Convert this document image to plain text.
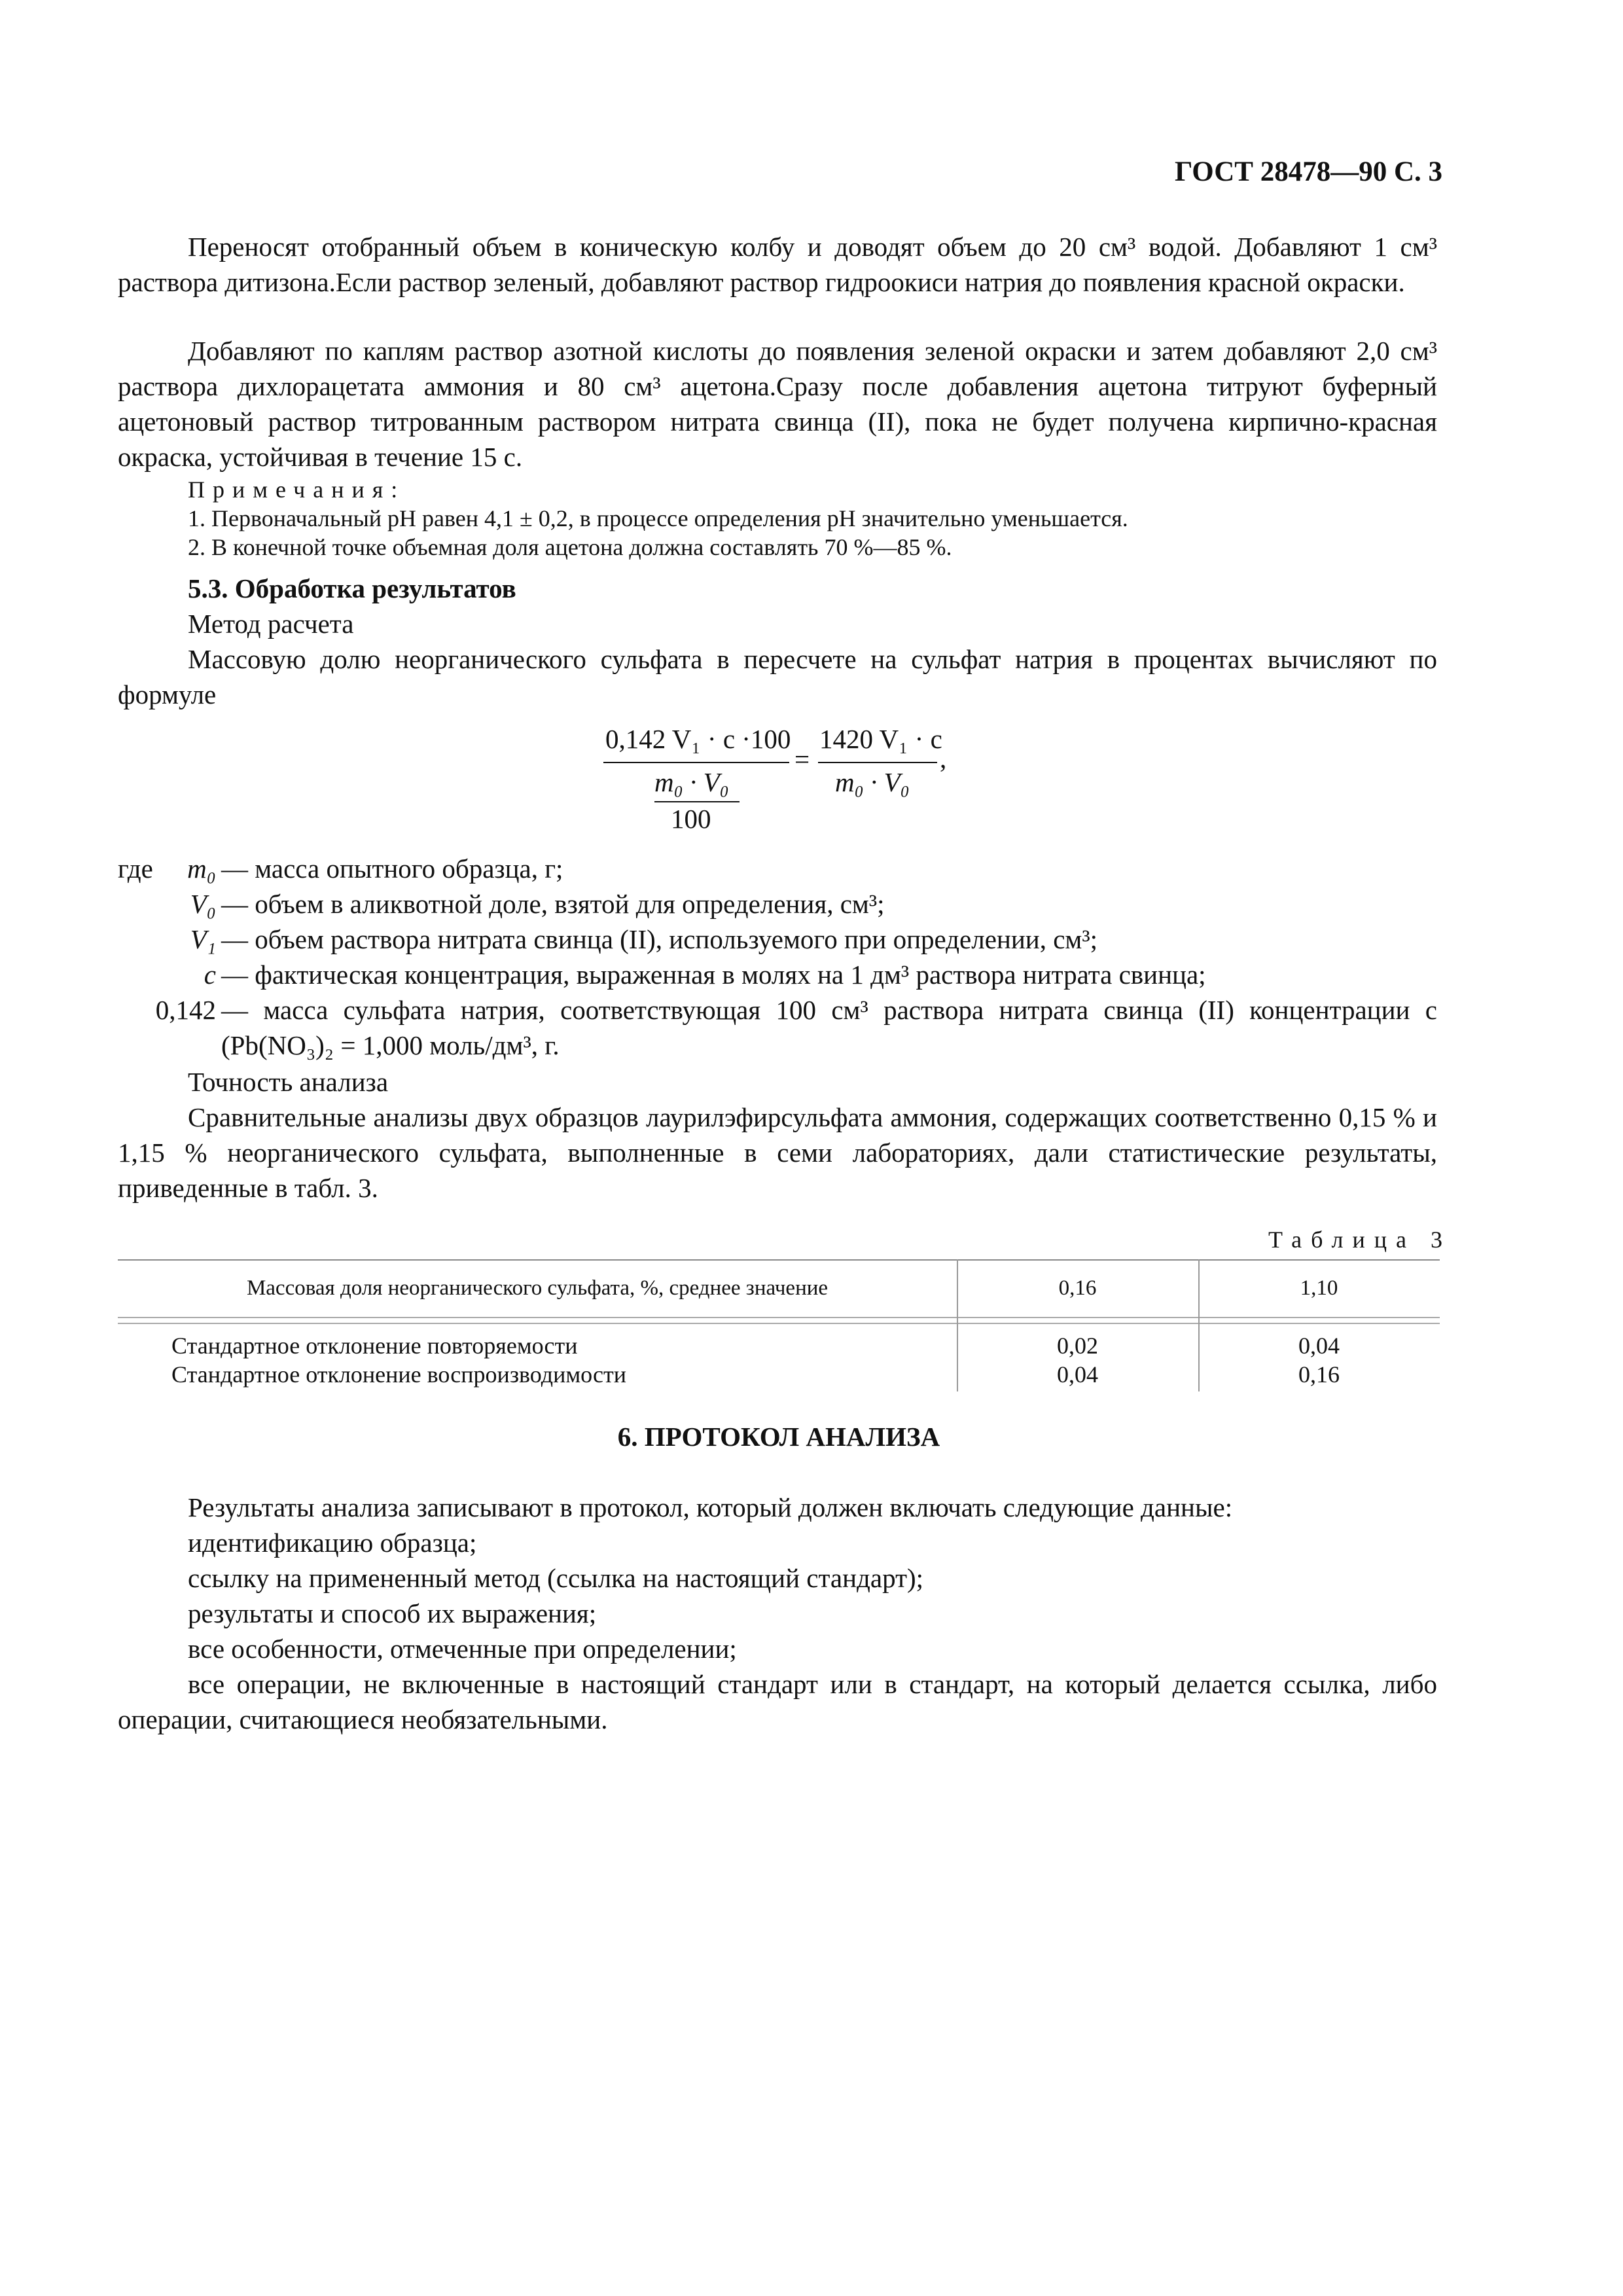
ГОСТ 28478—90 С. 3
Переносят отобранный объем в коническую колбу и доводят объем до 20 см³ водой. Добавляют 1 см³ раствора дитизона.Если раствор зеленый, добавляют раствор гидроокиси натрия до появления красной окраски.
Добавляют по каплям раствор азотной кислоты до появления зеленой окраски и затем добавляют 2,0 см³ раствора дихлорацетата аммония и 80 см³ ацетона.Сразу после добавления ацетона титруют буферный ацетоновый раствор титрованным раствором нитрата свинца (II), пока не будет получена кирпично-красная окраска, устойчивая в течение 15 с.
Примечания:
1. Первоначальный pH равен 4,1 ± 0,2, в процессе определения pH значительно уменьшается.
2. В конечной точке объемная доля ацетона должна составлять 70 %—85 %.
5.3. Обработка результатов
Метод расчета
Массовую долю неорганического сульфата в пересчете на сульфат натрия в процентах вычисляют по формуле
0,142 V₁ · c ·100
m₀ · V₀
100
=
1420 V₁ · c
m₀ · V₀
,
где m₀ — масса опытного образца, г;
V₀ — объем в аликвотной доле, взятой для определения, см³;
V₁ — объем раствора нитрата свинца (II), используемого при определении, см³;
c — фактическая концентрация, выраженная в молях на 1 дм³ раствора нитрата свинца;
0,142 — масса сульфата натрия, соответствующая 100 см³ раствора нитрата свинца (II) концентрации c (Pb(NO₃)₂ = 1,000 моль/дм³, г.
Точность анализа
Сравнительные анализы двух образцов лаурилэфирсульфата аммония, содержащих соответственно 0,15 % и 1,15 % неорганического сульфата, выполненные в семи лабораториях, дали статистические результаты, приведенные в табл. 3.
Таблица 3
Массовая доля неорганического сульфата, %, среднее значение	0,16	1,10
Стандартное отклонение повторяемости	0,02	0,04
Стандартное отклонение воспроизводимости	0,04	0,16
6. ПРОТОКОЛ АНАЛИЗА
Результаты анализа записывают в протокол, который должен включать следующие данные:
идентификацию образца;
ссылку на примененный метод (ссылка на настоящий стандарт);
результаты и способ их выражения;
все особенности, отмеченные при определении;
все операции, не включенные в настоящий стандарт или в стандарт, на который делается ссылка, либо операции, считающиеся необязательными.
